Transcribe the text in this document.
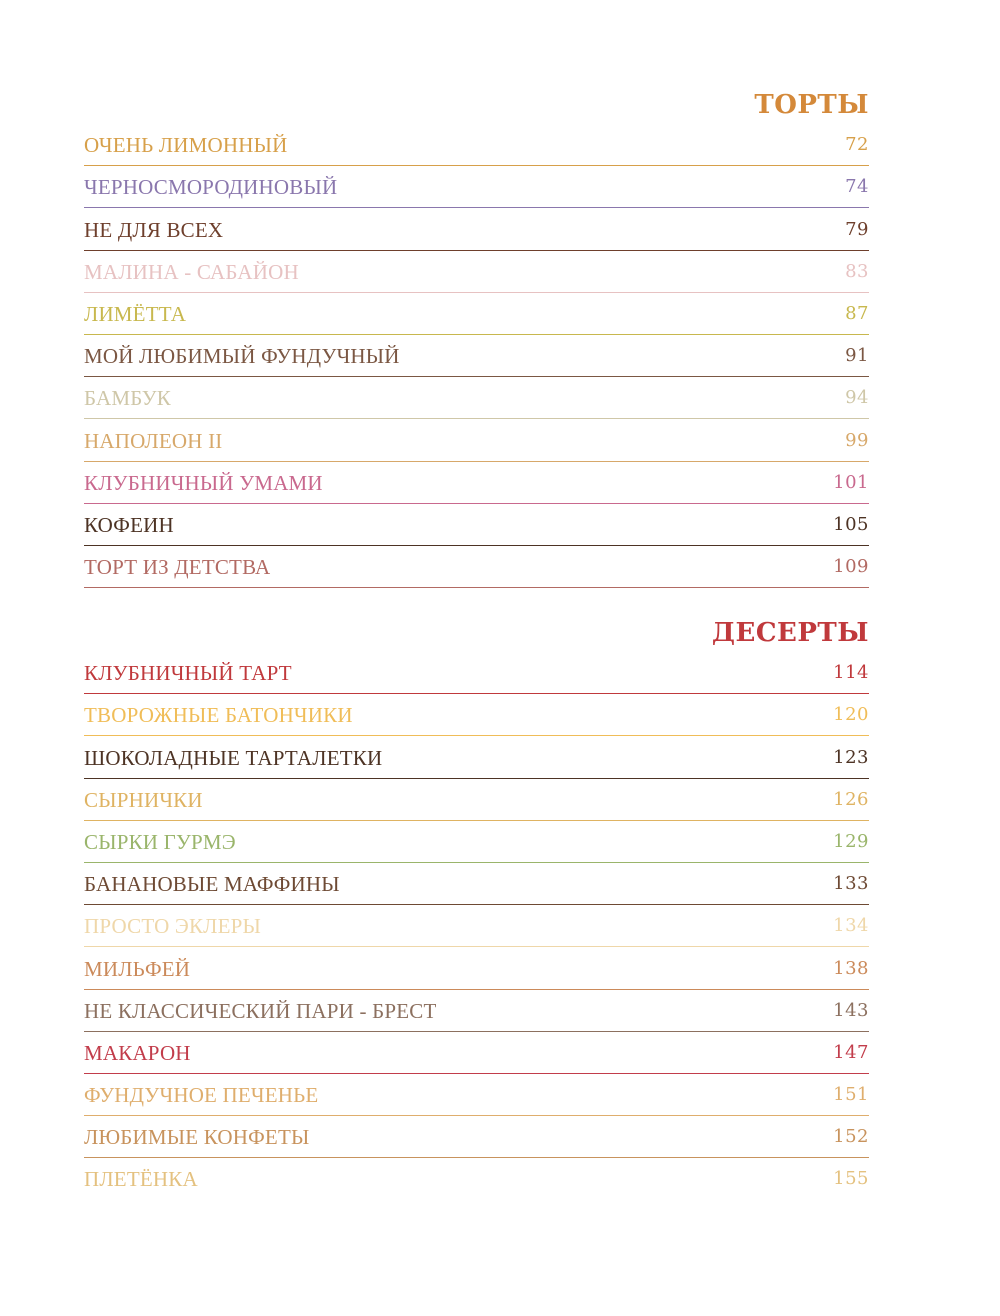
ТОРТЫ
ОЧЕНЬ ЛИМОННЫЙ	72
ЧЕРНОСМОРОДИНОВЫЙ	74
НЕ ДЛЯ ВСЕХ	79
МАЛИНА - САБАЙОН	83
ЛИМЁТТА	87
МОЙ ЛЮБИМЫЙ ФУНДУЧНЫЙ	91
БАМБУК	94
НАПОЛЕОН II	99
КЛУБНИЧНЫЙ УМАМИ	101
КОФЕИН	105
ТОРТ ИЗ ДЕТСТВА	109
ДЕСЕРТЫ
КЛУБНИЧНЫЙ ТАРТ	114
ТВОРОЖНЫЕ БАТОНЧИКИ	120
ШОКОЛАДНЫЕ ТАРТАЛЕТКИ	123
СЫРНИЧКИ	126
СЫРКИ ГУРМЭ	129
БАНАНОВЫЕ МАФФИНЫ	133
ПРОСТО ЭКЛЕРЫ	134
МИЛЬФЕЙ	138
НЕ КЛАССИЧЕСКИЙ ПАРИ - БРЕСТ	143
МАКАРОН	147
ФУНДУЧНОЕ ПЕЧЕНЬЕ	151
ЛЮБИМЫЕ КОНФЕТЫ	152
ПЛЕТЁНКА	155
